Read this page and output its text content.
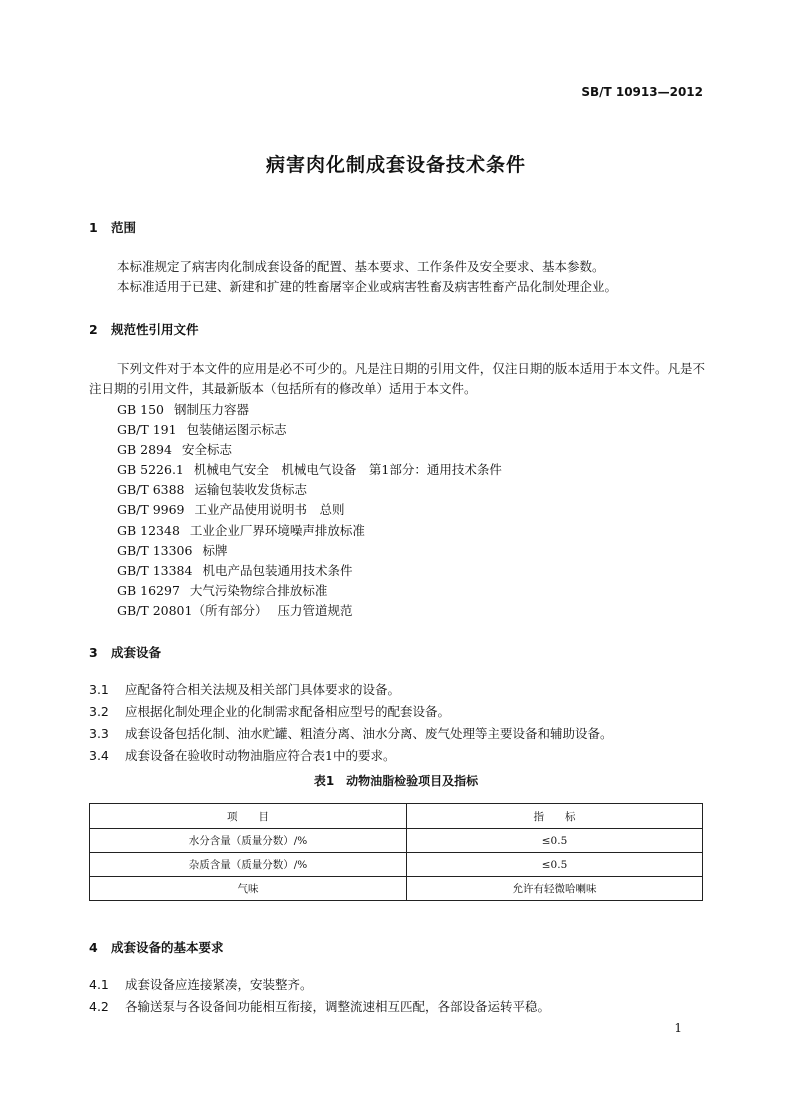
SB/T 10913—2012
病害肉化制成套设备技术条件
1 范围

本标准规定了病害肉化制成套设备的配置、基本要求、工作条件及安全要求、基本参数。

本标准适用于已建、新建和扩建的牲畜屠宰企业或病害牲畜及病害牲畜产品化制处理企业。

2 规范性引用文件

下列文件对于本文件的应用是必不可少的。凡是注日期的引用文件，仅注日期的版本适用于本文件。凡是不注日期的引用文件，其最新版本（包括所有的修改单）适用于本文件。

GB 150 钢制压力容器
GB/T 191 包装储运图示标志
GB 2894 安全标志
GB 5226.1 机械电气安全　机械电气设备　第1部分：通用技术条件
GB/T 6388 运输包装收发货标志
GB/T 9969 工业产品使用说明书　总则
GB 12348 工业企业厂界环境噪声排放标准
GB/T 13306 标牌
GB/T 13384 机电产品包装通用技术条件
GB 16297 大气污染物综合排放标准
GB/T 20801（所有部分） 压力管道规范
3 成套设备
3.1 应配备符合相关法规及相关部门具体要求的设备。
3.2 应根据化制处理企业的化制需求配备相应型号的配套设备。
3.3 成套设备包括化制、油水贮罐、粗渣分离、油水分离、废气处理等主要设备和辅助设备。
3.4 成套设备在验收时动物油脂应符合表1中的要求。
表1　动物油脂检验项目及指标
项　　目	指　　标
水分含量（质量分数）/%	≤0.5
杂质含量（质量分数）/%	≤0.5
气味	允许有轻微哈喇味
4 成套设备的基本要求
4.1 成套设备应连接紧凑，安装整齐。
4.2 各输送泵与各设备间功能相互衔接，调整流速相互匹配，各部设备运转平稳。
1
